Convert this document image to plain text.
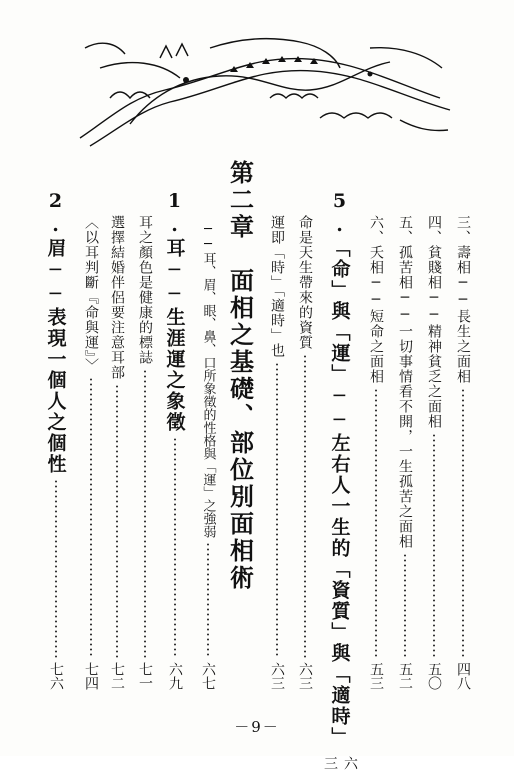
三、壽相──長生之面相
四八
四、貧賤相──精神貧乏之面相
五〇
五、孤苦相──一切事情看不開，一生孤苦之面相
五二
六、夭相──短命之面相
五三
5.「命」與「運」──左右人一生的「資質」與「適時」
六三
命是天生帶來的資質
六三
運即「時」「適時」也
六三
第二章　面相之基礎、部位別面相術
──耳、眉、眼、鼻、口所象徵的性格與「運」之強弱
六七
1.耳──生涯運之象徵
六九
耳之顏色是健康的標誌
七一
選擇結婚伴侶要注意耳部
七二
〈以耳判斷『命與運』〉
七四
2.眉──表現一個人之個性
七六
－9－
